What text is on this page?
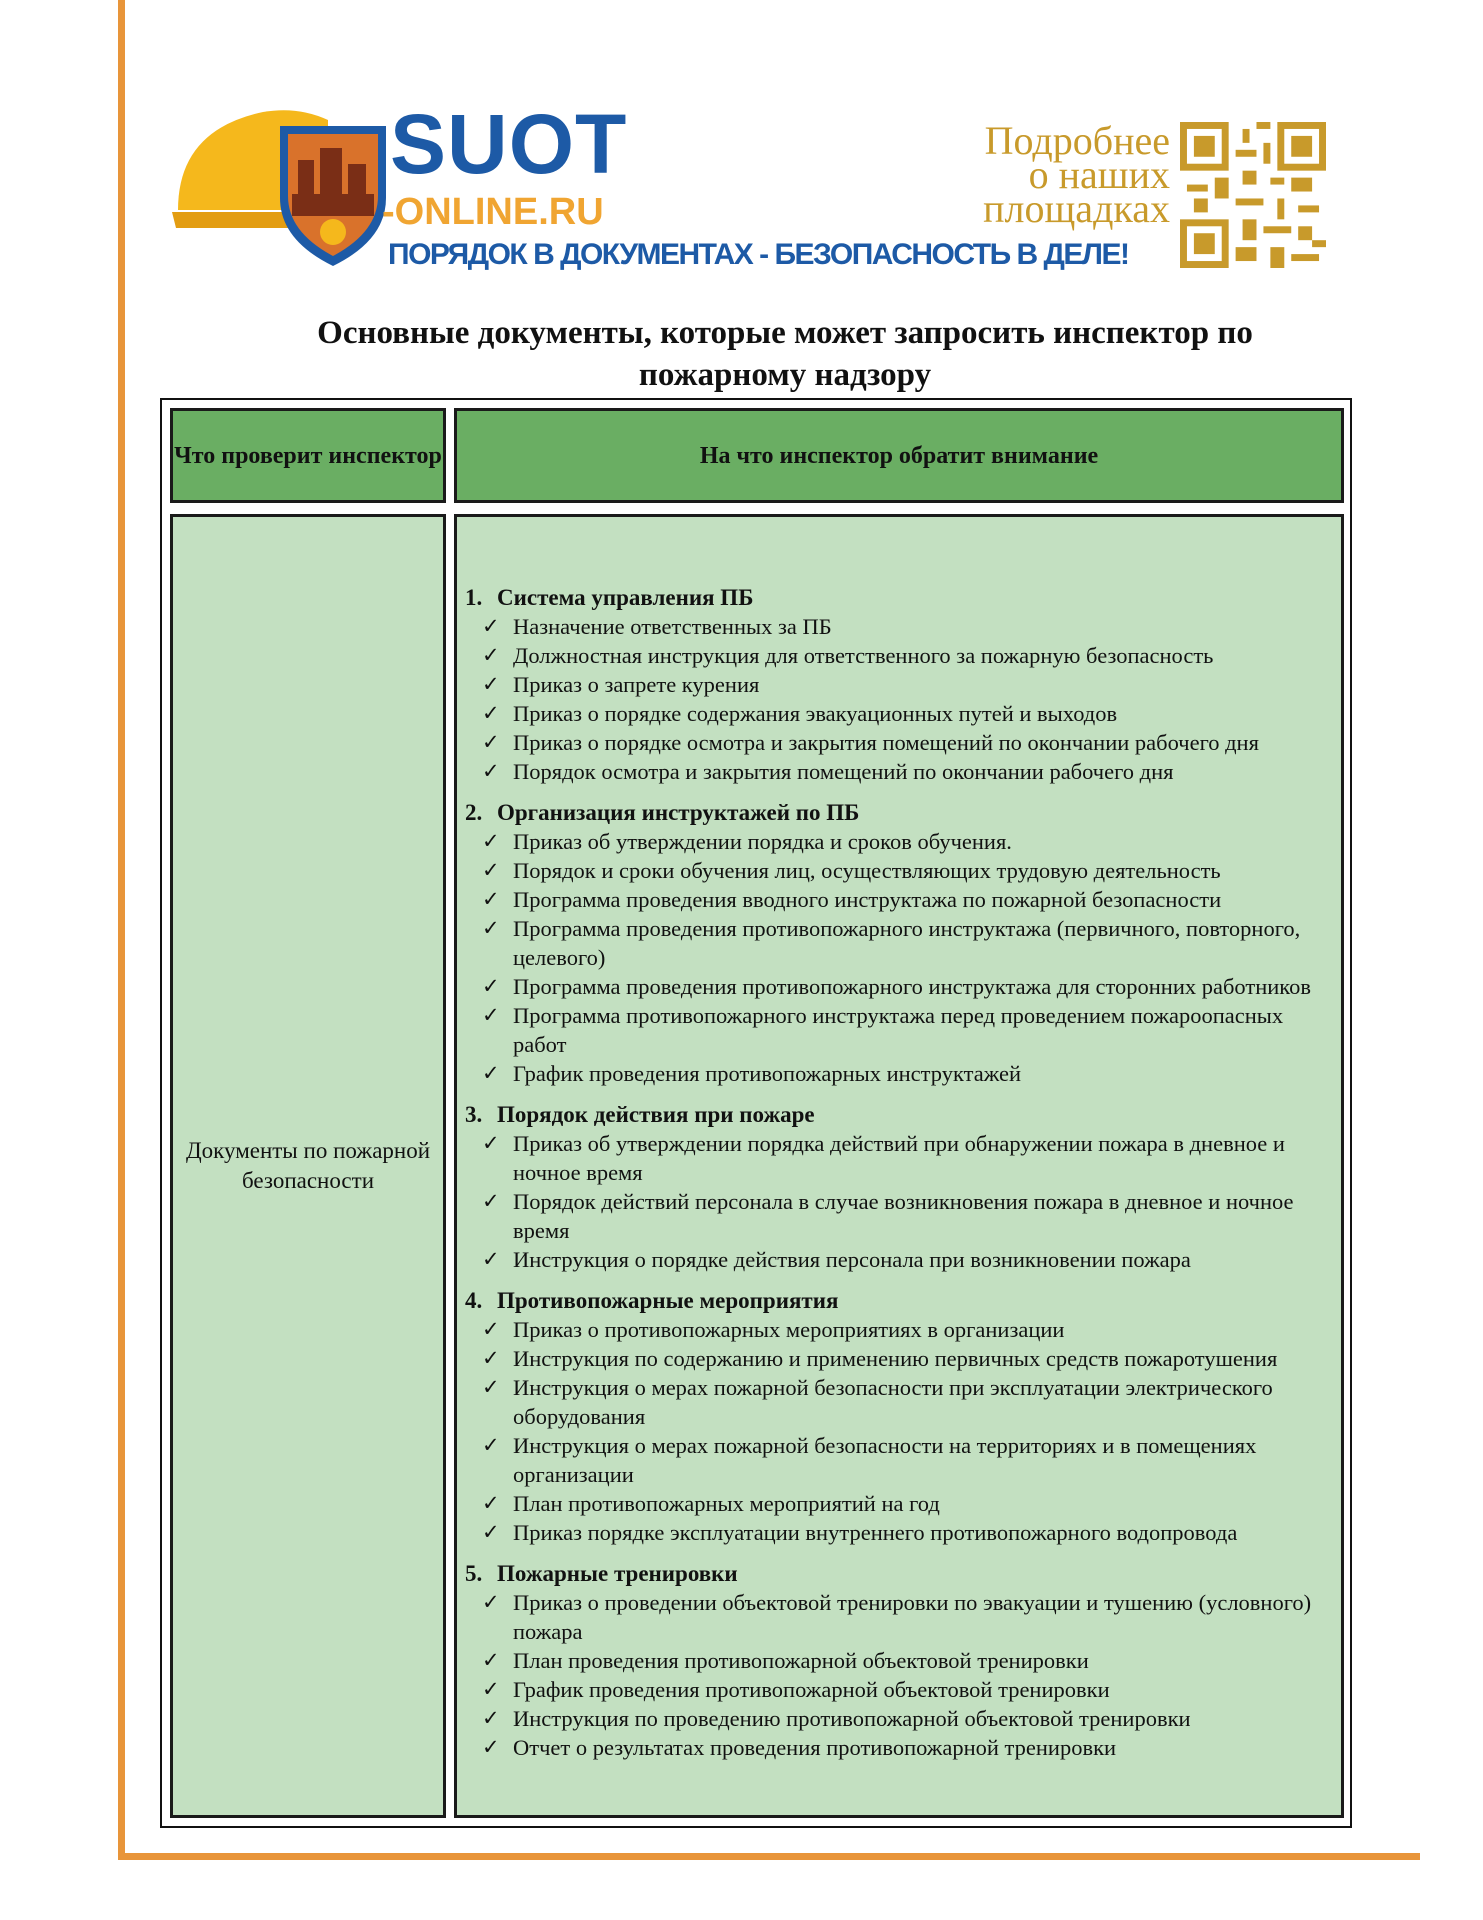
SUOT
-ONLINE.RU
ПОРЯДОК В ДОКУМЕНТАХ - БЕЗОПАСНОСТЬ В ДЕЛЕ!
Подробнее
о наших
площадках
Основные документы, которые может запросить инспектор по пожарному надзору
Что проверит инспектор	На что инспектор обратит внимание
Документы по пожарной безопасности
1. Система управления ПБ
✓ Назначение ответственных за ПБ
✓ Должностная инструкция для ответственного за пожарную безопасность
✓ Приказ о запрете курения
✓ Приказ о порядке содержания эвакуационных путей и выходов
✓ Приказ о порядке осмотра и закрытия помещений по окончании рабочего дня
✓ Порядок осмотра и закрытия помещений по окончании рабочего дня
2. Организация инструктажей по ПБ
✓ Приказ об утверждении порядка и сроков обучения.
✓ Порядок и сроки обучения лиц, осуществляющих трудовую деятельность
✓ Программа проведения вводного инструктажа по пожарной безопасности
✓ Программа проведения противопожарного инструктажа (первичного, повторного, целевого)
✓ Программа проведения противопожарного инструктажа для сторонних работников
✓ Программа противопожарного инструктажа перед проведением пожароопасных работ
✓ График проведения противопожарных инструктажей
3. Порядок действия при пожаре
✓ Приказ об утверждении порядка действий при обнаружении пожара в дневное и ночное время
✓ Порядок действий персонала в случае возникновения пожара в дневное и ночное время
✓ Инструкция о порядке действия персонала при возникновении пожара
4. Противопожарные мероприятия
✓ Приказ о противопожарных мероприятиях в организации
✓ Инструкция по содержанию и применению первичных средств пожаротушения
✓ Инструкция о мерах пожарной безопасности при эксплуатации электрического оборудования
✓ Инструкция о мерах пожарной безопасности на территориях и в помещениях организации
✓ План противопожарных мероприятий на год
✓ Приказ порядке эксплуатации внутреннего противопожарного водопровода
5. Пожарные тренировки
✓ Приказ о проведении объектовой тренировки по эвакуации и тушению (условного) пожара
✓ План проведения противопожарной объектовой тренировки
✓ График проведения противопожарной объектовой тренировки
✓ Инструкция по проведению противопожарной объектовой тренировки
✓ Отчет о результатах проведения противопожарной тренировки
